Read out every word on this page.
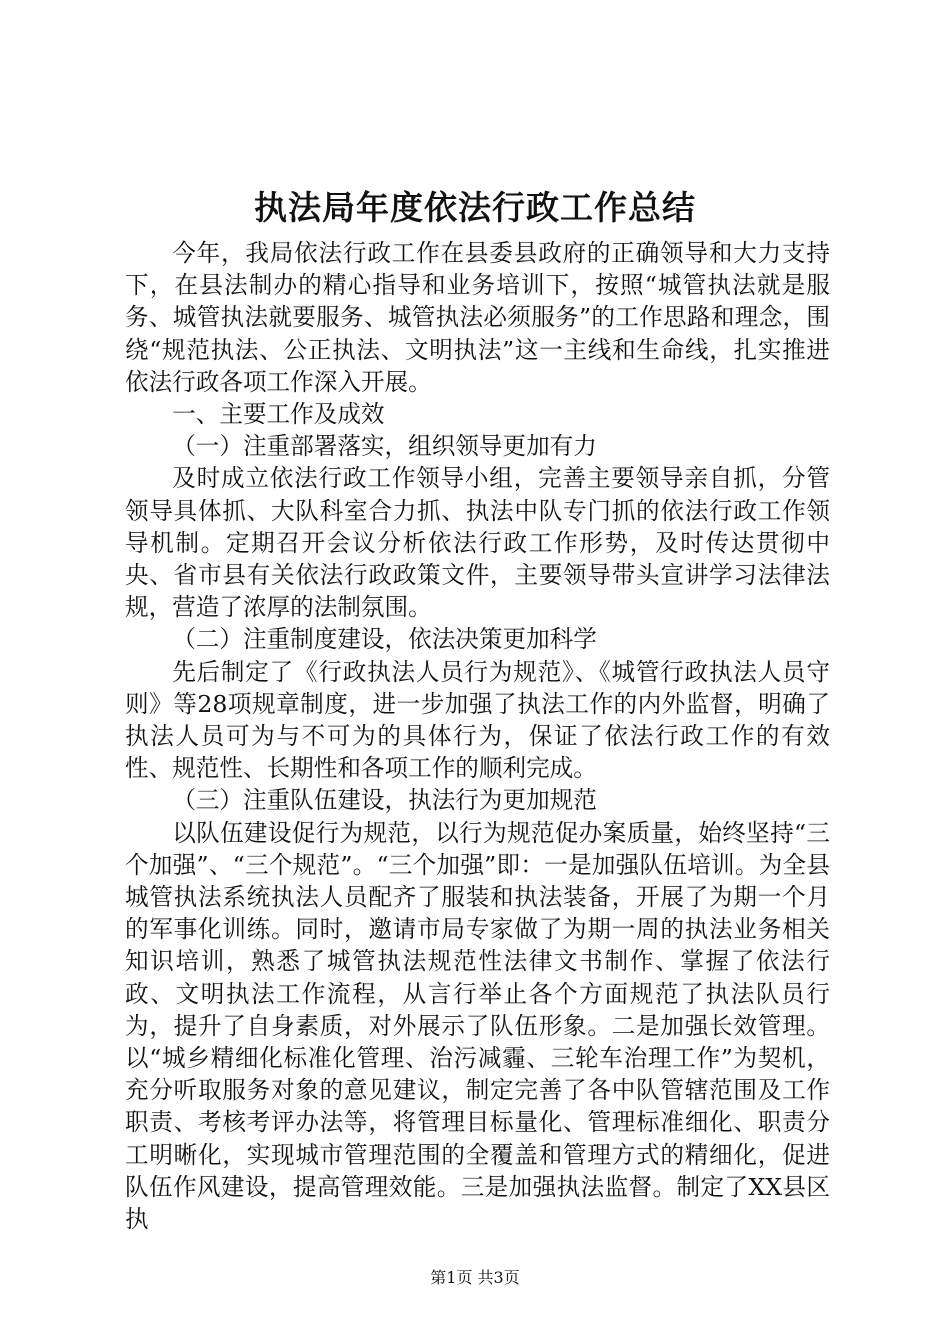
执法局年度依法行政工作总结

今年，我局依法行政工作在县委县政府的正确领导和大力支持下，在县法制办的精心指导和业务培训下，按照“城管执法就是服务、城管执法就要服务、城管执法必须服务”的工作思路和理念，围绕“规范执法、公正执法、文明执法”这一主线和生命线，扎实推进依法行政各项工作深入开展。

一、主要工作及成效

（一）注重部署落实，组织领导更加有力

及时成立依法行政工作领导小组，完善主要领导亲自抓，分管领导具体抓、大队科室合力抓、执法中队专门抓的依法行政工作领导机制。定期召开会议分析依法行政工作形势，及时传达贯彻中央、省市县有关依法行政政策文件，主要领导带头宣讲学习法律法规，营造了浓厚的法制氛围。

（二）注重制度建设，依法决策更加科学

先后制定了《行政执法人员行为规范》、《城管行政执法人员守则》等28项规章制度，进一步加强了执法工作的内外监督，明确了执法人员可为与不可为的具体行为，保证了依法行政工作的有效性、规范性、长期性和各项工作的顺利完成。

（三）注重队伍建设，执法行为更加规范

以队伍建设促行为规范，以行为规范促办案质量，始终坚持“三个加强”、“三个规范”。“三个加强”即：一是加强队伍培训。为全县城管执法系统执法人员配齐了服装和执法装备，开展了为期一个月的军事化训练。同时，邀请市局专家做了为期一周的执法业务相关知识培训，熟悉了城管执法规范性法律文书制作、掌握了依法行政、文明执法工作流程，从言行举止各个方面规范了执法队员行为，提升了自身素质，对外展示了队伍形象。二是加强长效管理。以“城乡精细化标准化管理、治污减霾、三轮车治理工作”为契机，充分听取服务对象的意见建议，制定完善了各中队管辖范围及工作职责、考核考评办法等，将管理目标量化、管理标准细化、职责分工明晰化，实现城市管理范围的全覆盖和管理方式的精细化，促进队伍作风建设，提高管理效能。三是加强执法监督。制定了XX县区执

第1页 共3页
